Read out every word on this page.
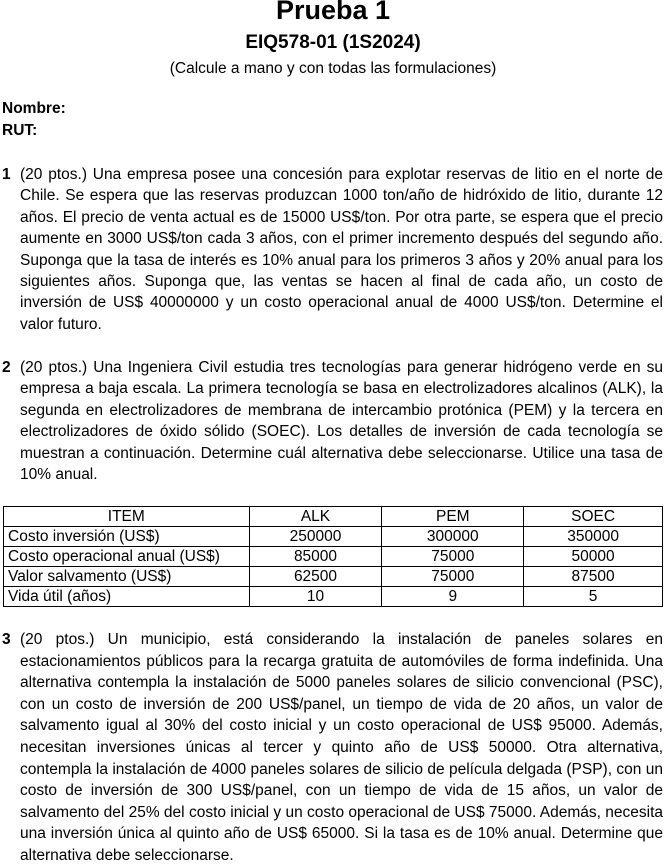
Prueba 1
EIQ578-01 (1S2024)
(Calcule a mano y con todas las formulaciones)
Nombre:
RUT:
1 (20 ptos.) Una empresa posee una concesión para explotar reservas de litio en el norte de Chile. Se espera que las reservas produzcan 1000 ton/año de hidróxido de litio, durante 12 años. El precio de venta actual es de 15000 US$/ton. Por otra parte, se espera que el precio aumente en 3000 US$/ton cada 3 años, con el primer incremento después del segundo año. Suponga que la tasa de interés es 10% anual para los primeros 3 años y 20% anual para los siguientes años. Suponga que, las ventas se hacen al final de cada año, un costo de inversión de US$ 40000000 y un costo operacional anual de 4000 US$/ton. Determine el valor futuro.

2 (20 ptos.) Una Ingeniera Civil estudia tres tecnologías para generar hidrógeno verde en su empresa a baja escala. La primera tecnología se basa en electrolizadores alcalinos (ALK), la segunda en electrolizadores de membrana de intercambio protónica (PEM) y la tercera en electrolizadores de óxido sólido (SOEC). Los detalles de inversión de cada tecnología se muestran a continuación. Determine cuál alternativa debe seleccionarse. Utilice una tasa de 10% anual.

ITEM	ALK	PEM	SOEC
Costo inversión (US$)	250000	300000	350000
Costo operacional anual (US$)	85000	75000	50000
Valor salvamento (US$)	62500	75000	87500
Vida útil (años)	10	9	5
3 (20 ptos.) Un municipio, está considerando la instalación de paneles solares en estacionamientos públicos para la recarga gratuita de automóviles de forma indefinida. Una alternativa contempla la instalación de 5000 paneles solares de silicio convencional (PSC), con un costo de inversión de 200 US$/panel, un tiempo de vida de 20 años, un valor de salvamento igual al 30% del costo inicial y un costo operacional de US$ 95000. Además, necesitan inversiones únicas al tercer y quinto año de US$ 50000. Otra alternativa, contempla la instalación de 4000 paneles solares de silicio de película delgada (PSP), con un costo de inversión de 300 US$/panel, con un tiempo de vida de 15 años, un valor de salvamento del 25% del costo inicial y un costo operacional de US$ 75000. Además, necesita una inversión única al quinto año de US$ 65000. Si la tasa es de 10% anual. Determine que alternativa debe seleccionarse.
